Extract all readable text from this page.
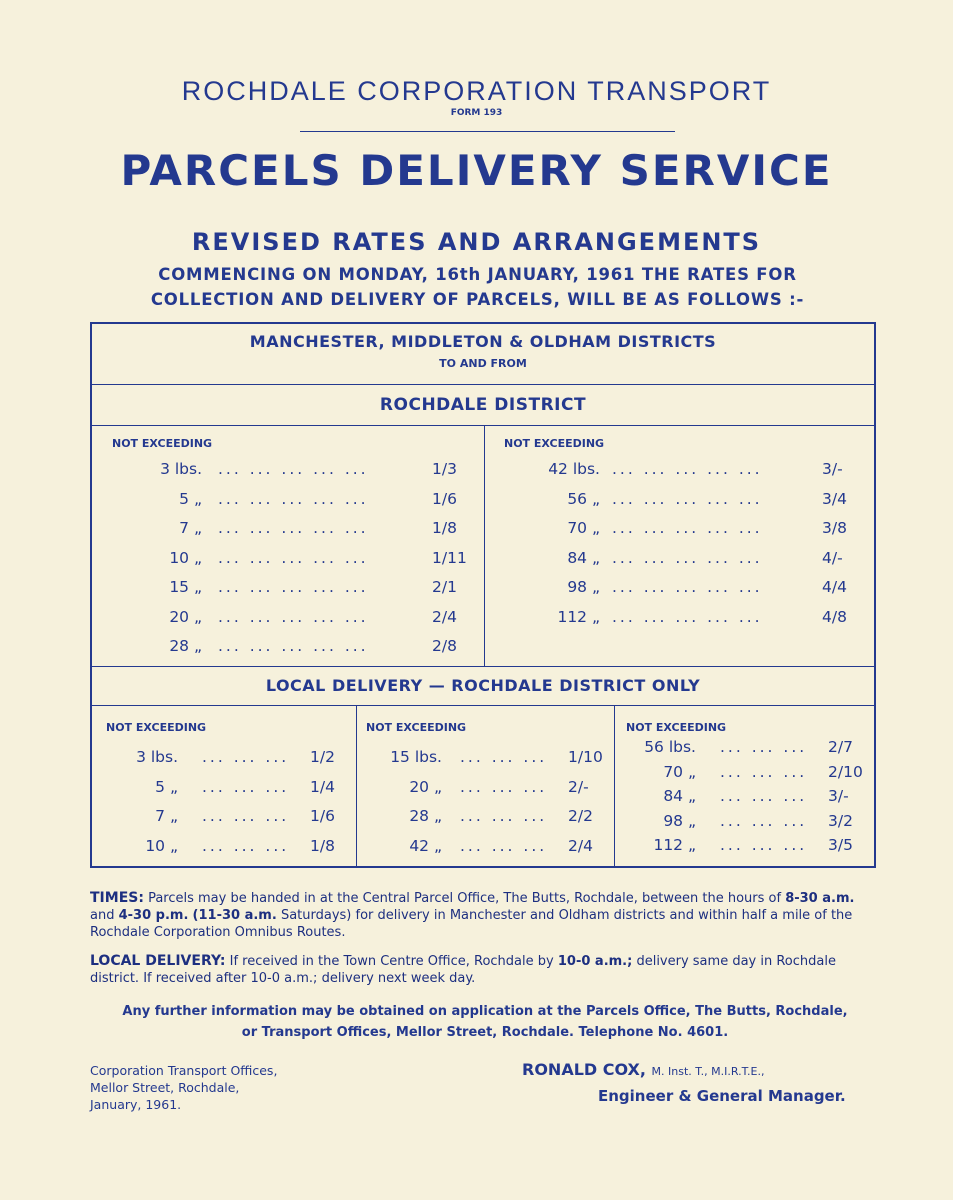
ROCHDALE CORPORATION TRANSPORT
FORM 193
PARCELS DELIVERY SERVICE
REVISED RATES AND ARRANGEMENTS
COMMENCING ON MONDAY, 16th JANUARY, 1961 THE RATES FOR COLLECTION AND DELIVERY OF PARCELS, WILL BE AS FOLLOWS :-
MANCHESTER, MIDDLETON & OLDHAM DISTRICTS
TO AND FROM
ROCHDALE DISTRICT
NOT EXCEEDING	NOT EXCEEDING
3 lbs. ... ... ... ... ...	1/3
5 „ ... ... ... ... ...	1/6
7 „ ... ... ... ... ...	1/8
10 „ ... ... ... ... ...	1/11
15 „ ... ... ... ... ...	2/1
20 „ ... ... ... ... ...	2/4
28 „ ... ... ... ... ...	2/8
42 lbs. ... ... ... ... ...	3/-
56 „ ... ... ... ... ...	3/4
70 „ ... ... ... ... ...	3/8
84 „ ... ... ... ... ...	4/-
98 „ ... ... ... ... ...	4/4
112 „ ... ... ... ... ...	4/8
LOCAL DELIVERY — ROCHDALE DISTRICT ONLY
NOT EXCEEDING	NOT EXCEEDING	NOT EXCEEDING
3 lbs. ... ... ... 1/2
5 „ ... ... ... 1/4
7 „ ... ... ... 1/6
10 „ ... ... ... 1/8
15 lbs. ... ... ... 1/10
20 „ ... ... ... 2/-
28 „ ... ... ... 2/2
42 „ ... ... ... 2/4
56 lbs. ... ... ... 2/7
70 „ ... ... ... 2/10
84 „ ... ... ... 3/-
98 „ ... ... ... 3/2
112 „ ... ... ... 3/5
TIMES: Parcels may be handed in at the Central Parcel Office, The Butts, Rochdale, between the hours of 8-30 a.m. and 4-30 p.m. (11-30 a.m. Saturdays) for delivery in Manchester and Oldham districts and within half a mile of the Rochdale Corporation Omnibus Routes.
LOCAL DELIVERY: If received in the Town Centre Office, Rochdale by 10-0 a.m.; delivery same day in Rochdale district. If received after 10-0 a.m.; delivery next week day.
Any further information may be obtained on application at the Parcels Office, The Butts, Rochdale,
or Transport Offices, Mellor Street, Rochdale. Telephone No. 4601.
Corporation Transport Offices,
Mellor Street, Rochdale,
January, 1961.
RONALD COX, M. Inst. T., M.I.R.T.E.,
Engineer & General Manager.
